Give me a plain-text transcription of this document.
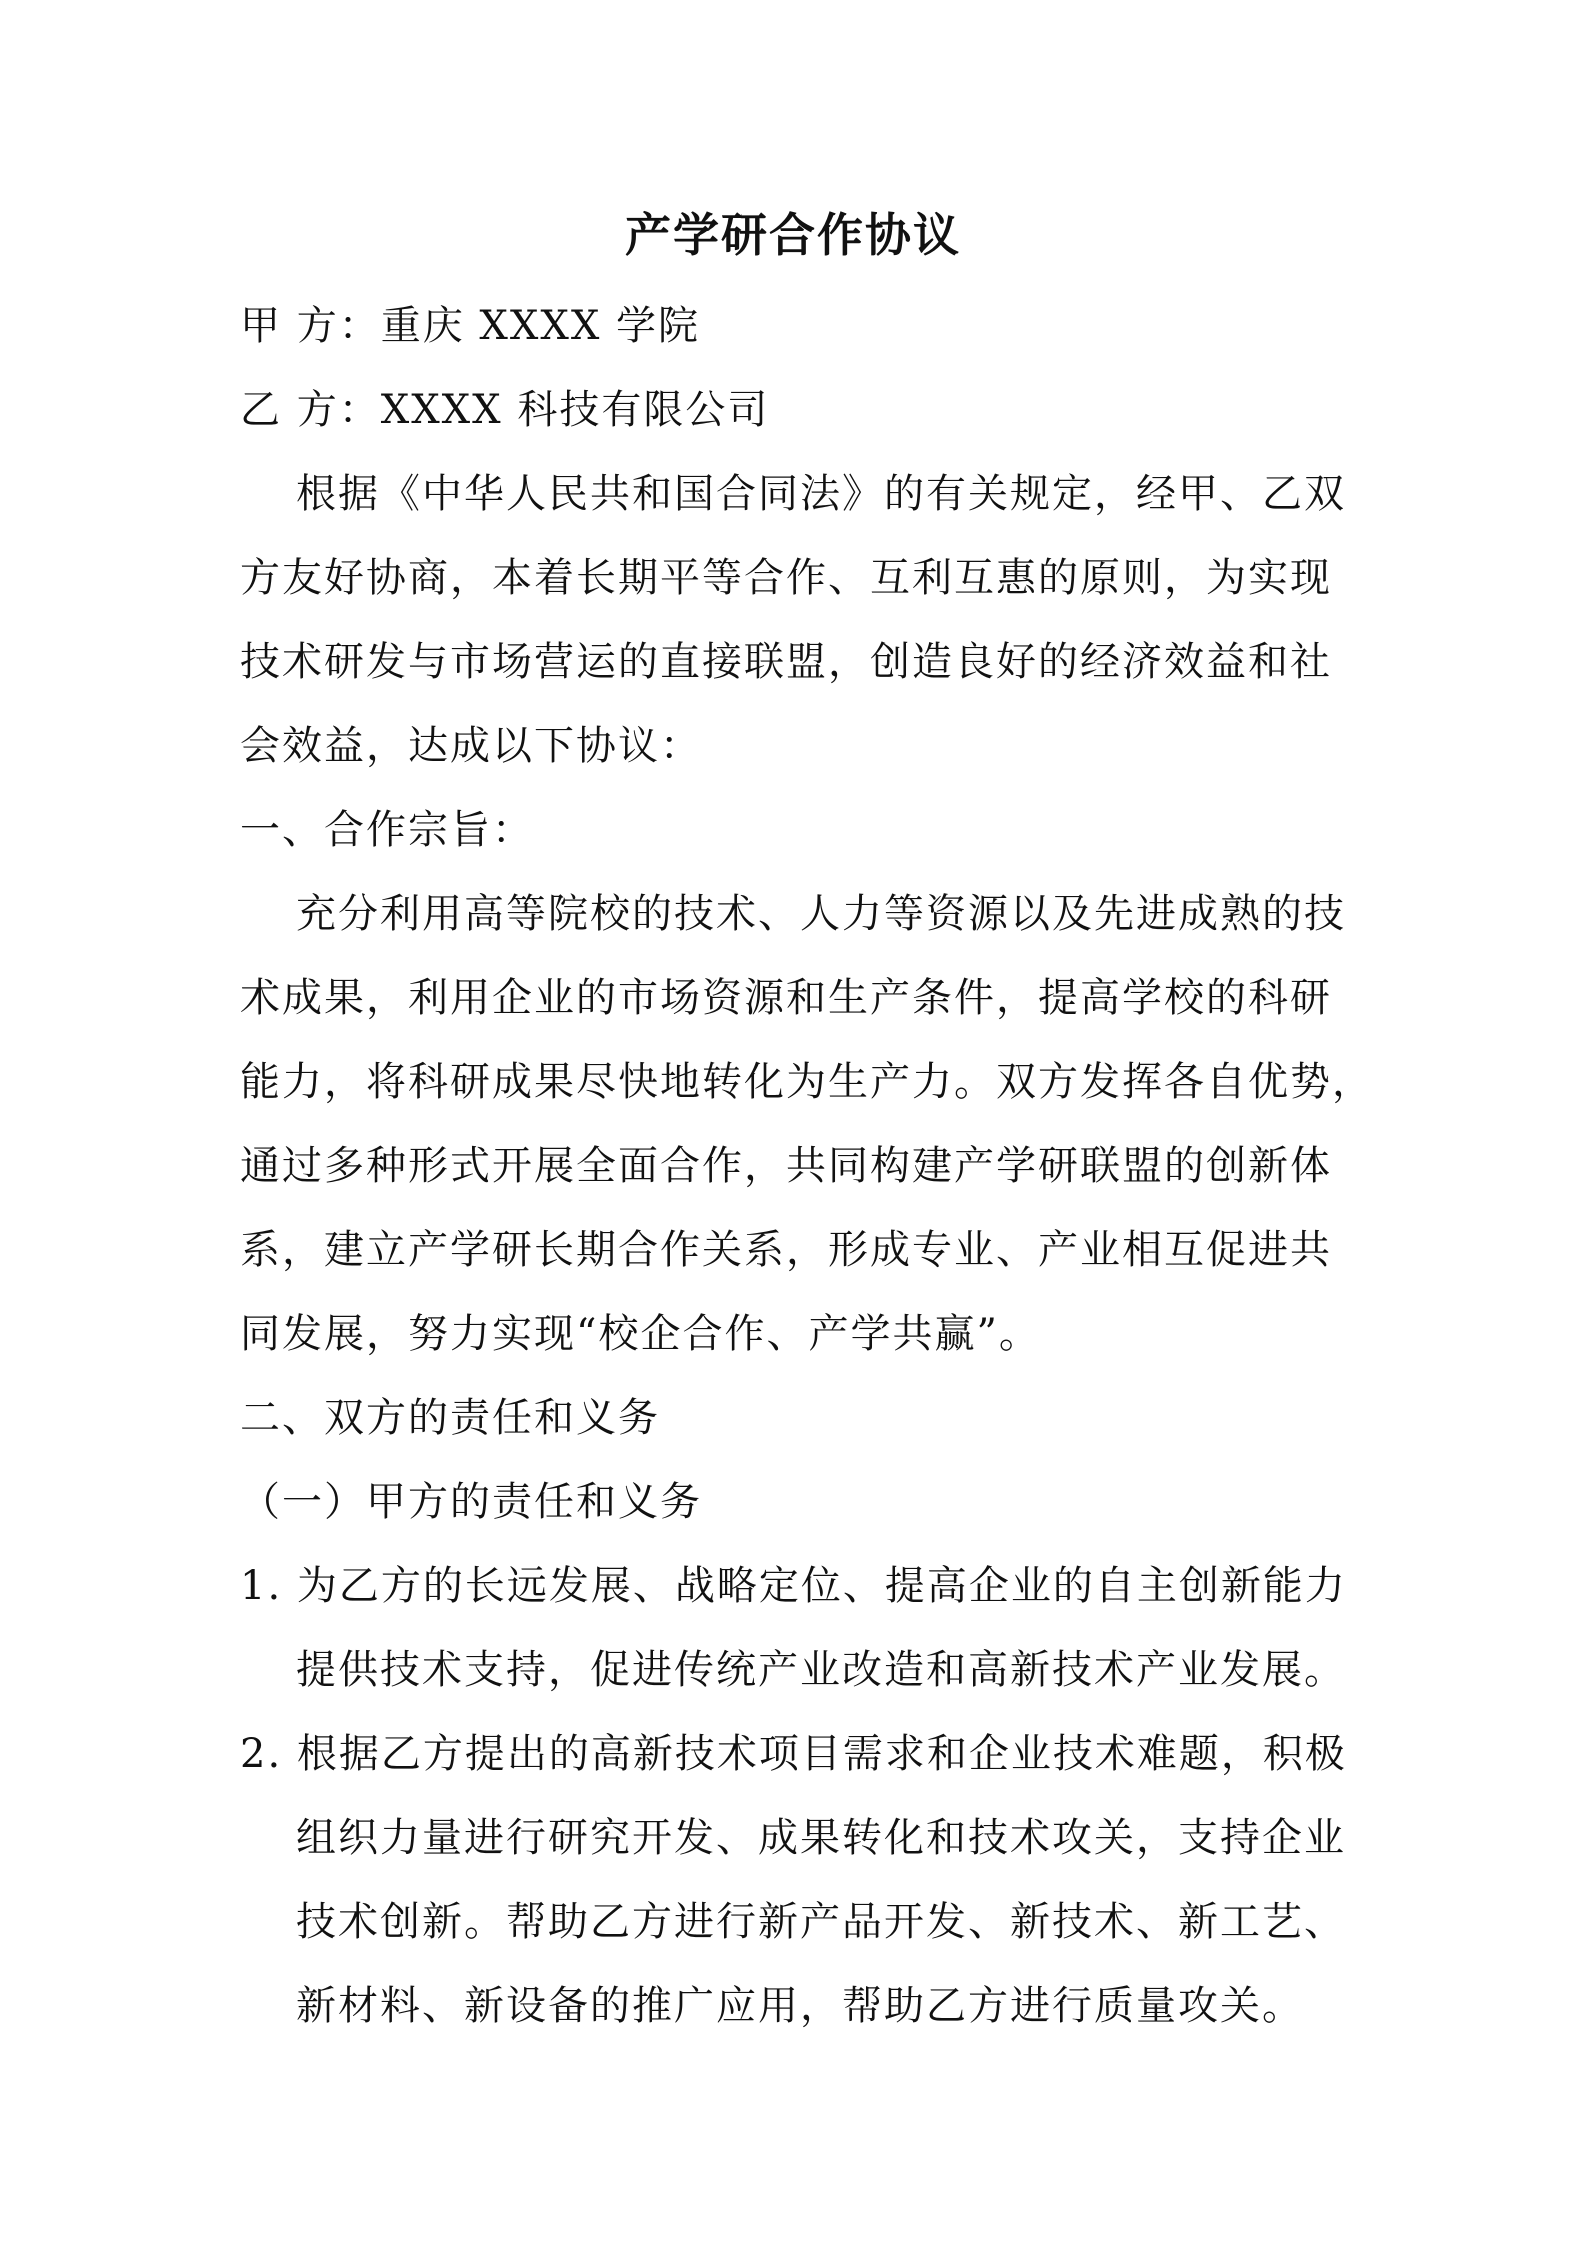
产学研合作协议
甲 方：重庆 XXXX 学院
乙 方：XXXX 科技有限公司
根据《中华人民共和国合同法》的有关规定，经甲、乙双
方友好协商，本着长期平等合作、互利互惠的原则，为实现
技术研发与市场营运的直接联盟，创造良好的经济效益和社
会效益，达成以下协议：
一、合作宗旨：
充分利用高等院校的技术、人力等资源以及先进成熟的技
术成果，利用企业的市场资源和生产条件，提高学校的科研
能力，将科研成果尽快地转化为生产力。双方发挥各自优势，
通过多种形式开展全面合作，共同构建产学研联盟的创新体
系，建立产学研长期合作关系，形成专业、产业相互促进共
同发展，努力实现“校企合作、产学共赢”。
二、双方的责任和义务
（一）甲方的责任和义务
1. 为乙方的长远发展、战略定位、提高企业的自主创新能力
提供技术支持，促进传统产业改造和高新技术产业发展。
2. 根据乙方提出的高新技术项目需求和企业技术难题，积极
组织力量进行研究开发、成果转化和技术攻关，支持企业
技术创新。帮助乙方进行新产品开发、新技术、新工艺、
新材料、新设备的推广应用，帮助乙方进行质量攻关。
